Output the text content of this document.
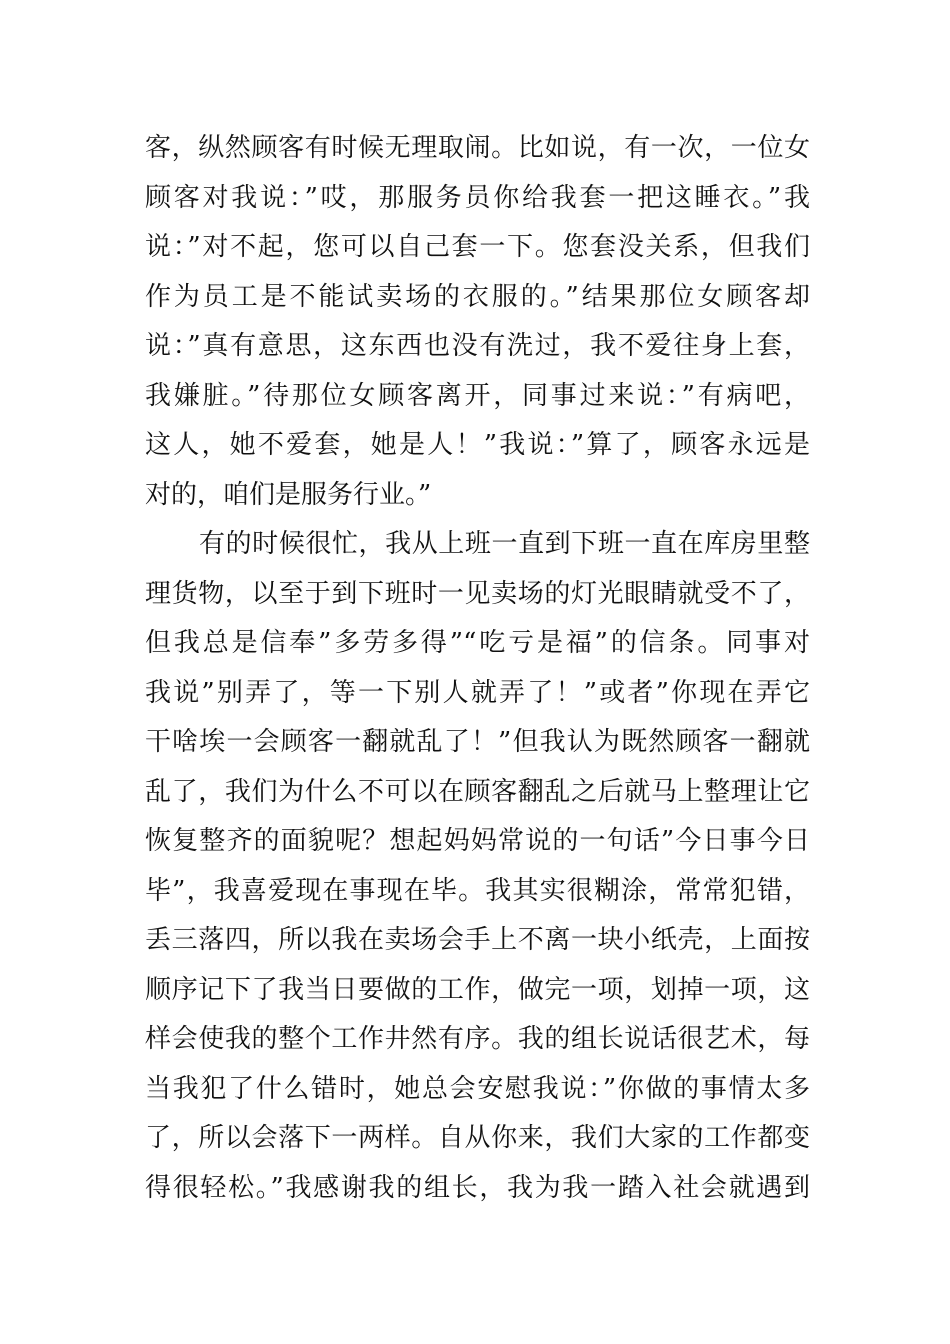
客，纵然顾客有时候无理取闹。比如说，有一次，一位女
顾客对我说：”哎，那服务员你给我套一把这睡衣。”我
说：”对不起，您可以自己套一下。您套没关系，但我们
作为员工是不能试卖场的衣服的。”结果那位女顾客却
说：”真有意思，这东西也没有洗过，我不爱往身上套，
我嫌脏。”待那位女顾客离开，同事过来说：”有病吧，
这人，她不爱套，她是人！”我说：”算了，顾客永远是
对的，咱们是服务行业。”
有的时候很忙，我从上班一直到下班一直在库房里整
理货物，以至于到下班时一见卖场的灯光眼睛就受不了，
但我总是信奉”多劳多得”“吃亏是福”的信条。同事对
我说”别弄了，等一下别人就弄了！”或者”你现在弄它
干啥埃一会顾客一翻就乱了！”但我认为既然顾客一翻就
乱了，我们为什么不可以在顾客翻乱之后就马上整理让它
恢复整齐的面貌呢？想起妈妈常说的一句话”今日事今日
毕”，我喜爱现在事现在毕。我其实很糊涂，常常犯错，
丢三落四，所以我在卖场会手上不离一块小纸壳，上面按
顺序记下了我当日要做的工作，做完一项，划掉一项，这
样会使我的整个工作井然有序。我的组长说话很艺术，每
当我犯了什么错时，她总会安慰我说：”你做的事情太多
了，所以会落下一两样。自从你来，我们大家的工作都变
得很轻松。”我感谢我的组长，我为我一踏入社会就遇到
